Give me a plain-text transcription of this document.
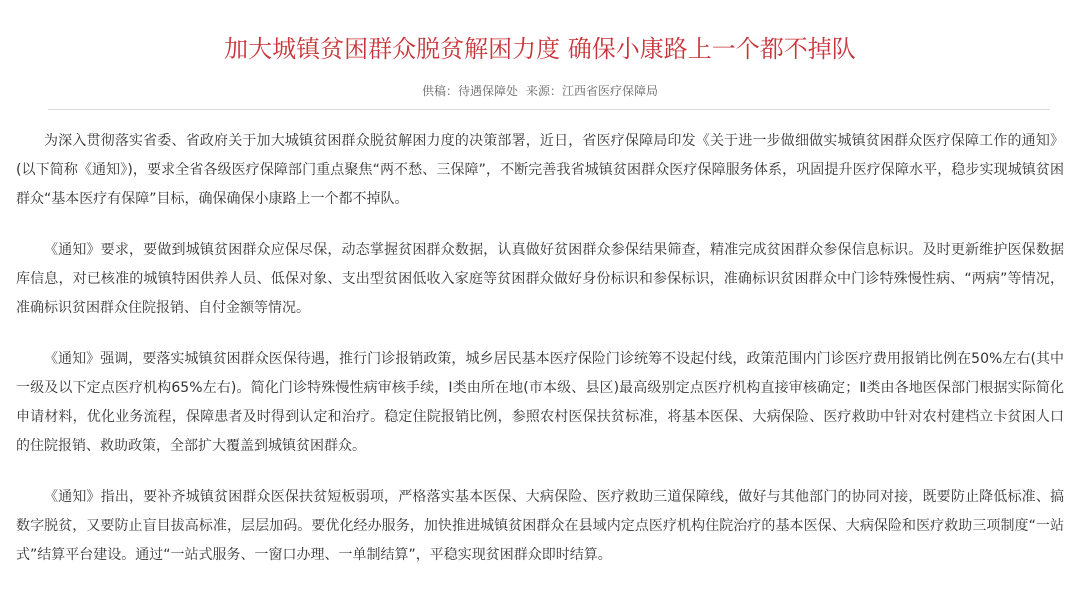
加大城镇贫困群众脱贫解困力度 确保小康路上一个都不掉队
供稿：待遇保障处 来源：江西省医疗保障局

为深入贯彻落实省委、省政府关于加大城镇贫困群众脱贫解困力度的决策部署，近日，省医疗保障局印发《关于进一步做细做实城镇贫困群众医疗保障工作的通知》(以下简称《通知》)，要求全省各级医疗保障部门重点聚焦“两不愁、三保障”，不断完善我省城镇贫困群众医疗保障服务体系，巩固提升医疗保障水平，稳步实现城镇贫困群众“基本医疗有保障”目标，确保确保小康路上一个都不掉队。

《通知》要求，要做到城镇贫困群众应保尽保，动态掌握贫困群众数据，认真做好贫困群众参保结果筛查，精准完成贫困群众参保信息标识。及时更新维护医保数据库信息，对已核准的城镇特困供养人员、低保对象、支出型贫困低收入家庭等贫困群众做好身份标识和参保标识，准确标识贫困群众中门诊特殊慢性病、“两病”等情况，准确标识贫困群众住院报销、自付金额等情况。

《通知》强调，要落实城镇贫困群众医保待遇，推行门诊报销政策，城乡居民基本医疗保险门诊统筹不设起付线，政策范围内门诊医疗费用报销比例在50%左右(其中一级及以下定点医疗机构65%左右)。简化门诊特殊慢性病审核手续，Ⅰ类由所在地(市本级、县区)最高级别定点医疗机构直接审核确定；Ⅱ类由各地医保部门根据实际简化申请材料，优化业务流程，保障患者及时得到认定和治疗。稳定住院报销比例，参照农村医保扶贫标准，将基本医保、大病保险、医疗救助中针对农村建档立卡贫困人口的住院报销、救助政策，全部扩大覆盖到城镇贫困群众。

《通知》指出，要补齐城镇贫困群众医保扶贫短板弱项，严格落实基本医保、大病保险、医疗救助三道保障线，做好与其他部门的协同对接，既要防止降低标准、搞数字脱贫，又要防止盲目拔高标准，层层加码。要优化经办服务，加快推进城镇贫困群众在县域内定点医疗机构住院治疗的基本医保、大病保险和医疗救助三项制度“一站式”结算平台建设。通过“一站式服务、一窗口办理、一单制结算”，平稳实现贫困群众即时结算。
